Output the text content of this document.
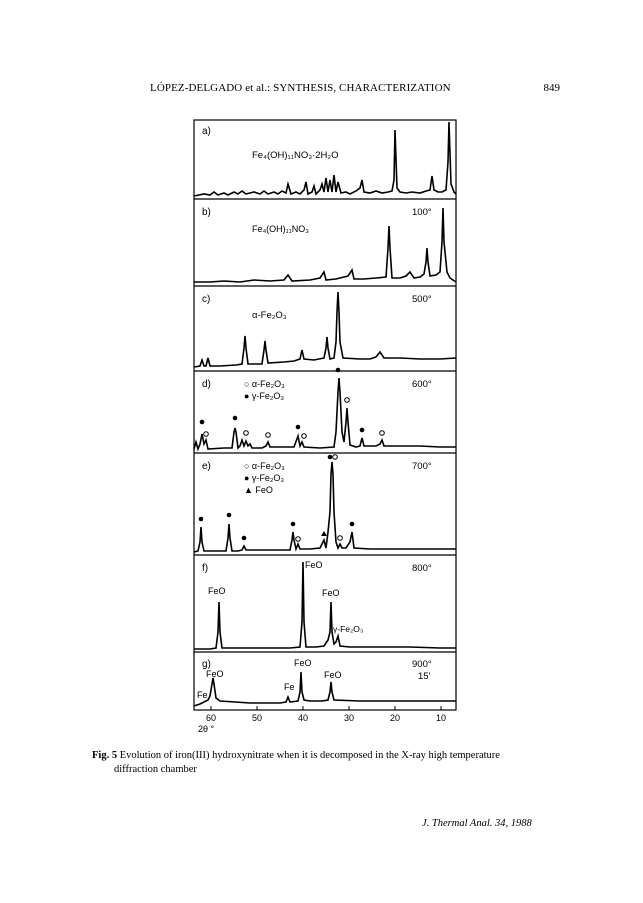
LÓPEZ-DELGADO et al.: SYNTHESIS, CHARACTERIZATION	849
a)
b)
c)
d)
e)
f)
g)
100°
500°
600°
700°
800°
900°
15'
Fe₄(OH)₁₁NO₃·2H₂O
Fe₄(OH)₁₁NO₃
α-Fe₂O₃
○ α-Fe₂O₃
● γ-Fe₂O₃
○ α-Fe₂O₃
● γ-Fe₂O₃
▲ FeO
FeO
FeO
FeO
γ-Fe₂O₃
Fe
FeO
Fe
FeO
FeO
60	50	40	30	20	10
2θ °
Fig. 5 Evolution of iron(III) hydroxynitrate when it is decomposed in the X-ray high temperature
diffraction chamber
J. Thermal Anal. 34, 1988
